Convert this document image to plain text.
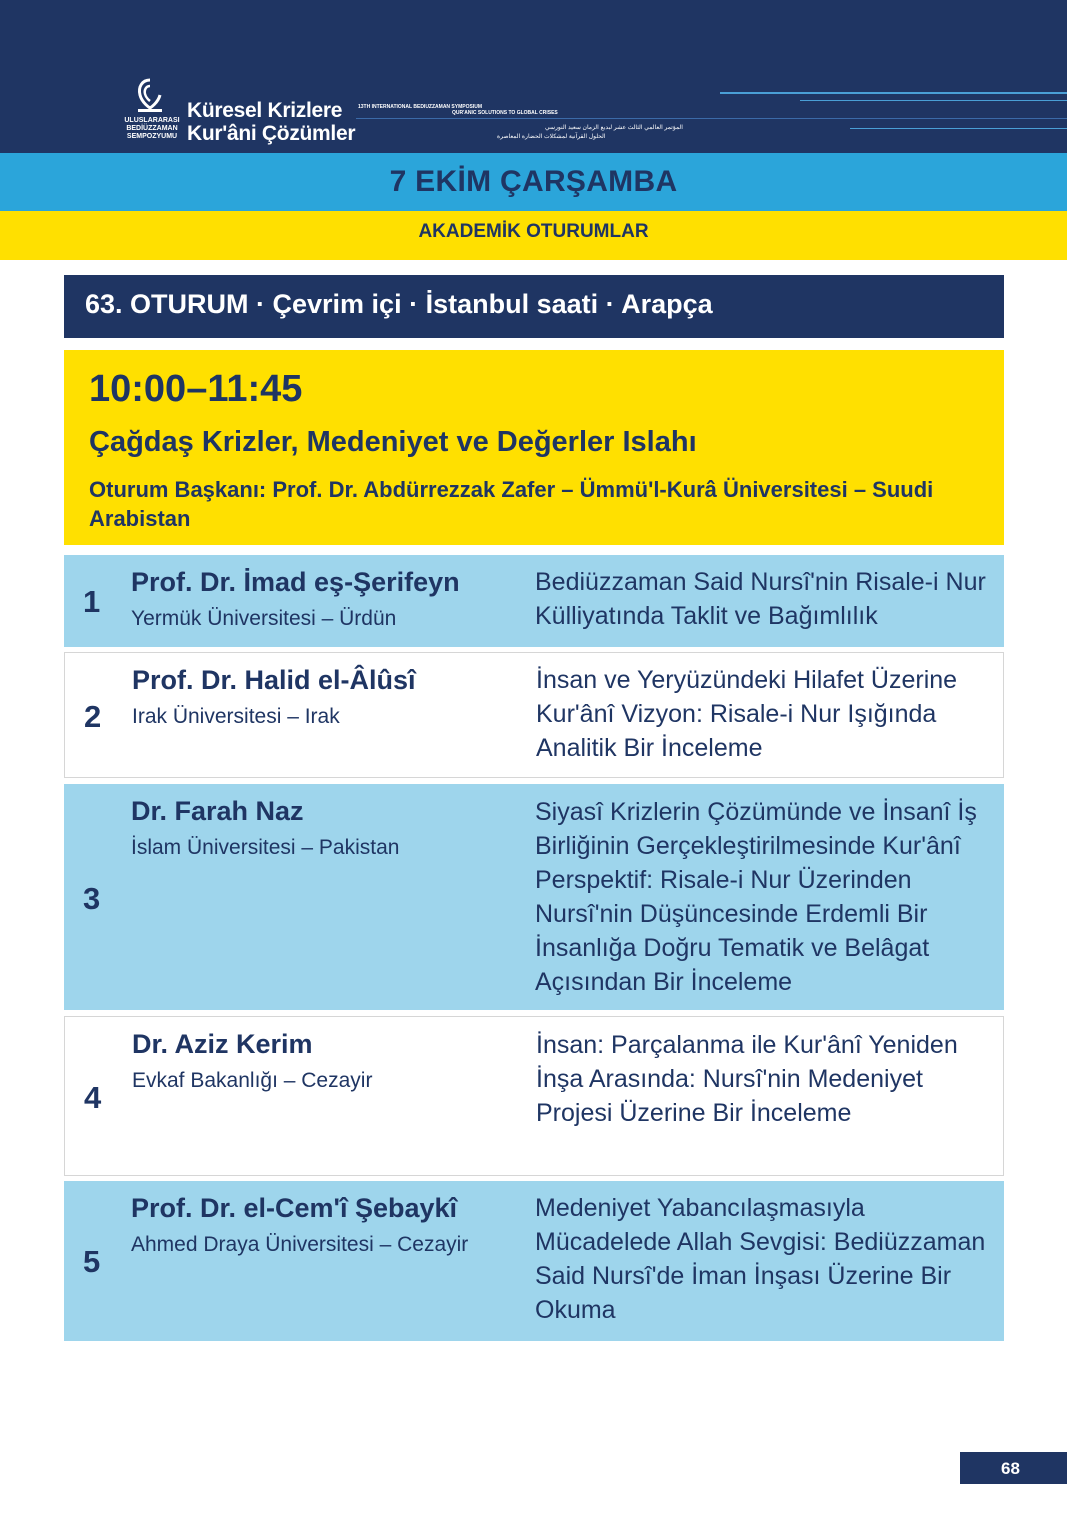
ULUSLARARASI
BEDİÜZZAMAN
SEMPOZYUMU
Küresel Krizlere
Kur'âni Çözümler
13TH INTERNATIONAL BEDIUZZAMAN SYMPOSIUM
QUR'ANIC SOLUTIONS TO GLOBAL CRISES
المؤتمر العالمي الثالث عشر لبديع الزمان سعيد النورسي
الحلول القرآنية لمشكلات الحضارة المعاصرة
7 EKİM ÇARŞAMBA
AKADEMİK OTURUMLAR
63. OTURUM · Çevrim içi · İstanbul saati · Arapça
10:00–11:45
Çağdaş Krizler, Medeniyet ve Değerler Islahı
Oturum Başkanı: Prof. Dr. Abdürrezzak Zafer – Ümmü'l-Kurâ Üniversitesi – Suudi Arabistan
1
Prof. Dr. İmad eş-Şerifeyn
Yermük Üniversitesi – Ürdün
Bediüzzaman Said Nursî'nin Risale-i Nur Külliyatında Taklit ve Bağımlılık
2
Prof. Dr. Halid el-Âlûsî
Irak Üniversitesi – Irak
İnsan ve Yeryüzündeki Hilafet Üzerine Kur'ânî Vizyon: Risale-i Nur Işığında Analitik Bir İnceleme
3
Dr. Farah Naz
İslam Üniversitesi – Pakistan
Siyasî Krizlerin Çözümünde ve İnsanî İş Birliğinin Gerçekleştirilmesinde Kur'ânî Perspektif: Risale-i Nur Üzerinden Nursî'nin Düşüncesinde Erdemli Bir İnsanlığa Doğru Tematik ve Belâgat Açısından Bir İnceleme
4
Dr. Aziz Kerim
Evkaf Bakanlığı – Cezayir
İnsan: Parçalanma ile Kur'ânî Yeniden İnşa Arasında: Nursî'nin Medeniyet Projesi Üzerine Bir İnceleme
5
Prof. Dr. el-Cem'î Şebaykî
Ahmed Draya Üniversitesi – Cezayir
Medeniyet Yabancılaşmasıyla Mücadelede Allah Sevgisi: Bediüzzaman Said Nursî'de İman İnşası Üzerine Bir Okuma
68
